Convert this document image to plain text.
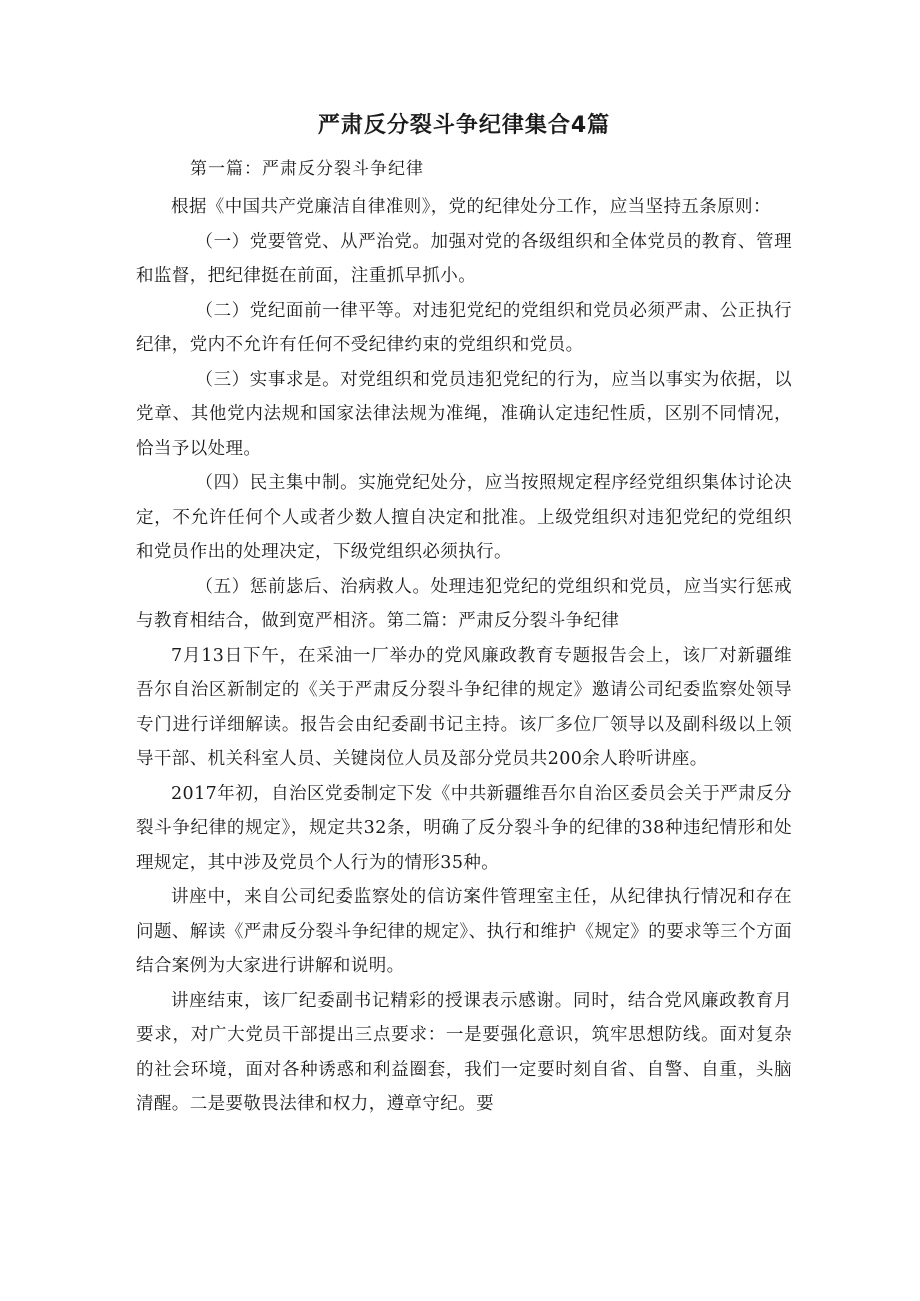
严肃反分裂斗争纪律集合4篇
第一篇：严肃反分裂斗争纪律

根据《中国共产党廉洁自律准则》，党的纪律处分工作，应当坚持五条原则：

（一）党要管党、从严治党。加强对党的各级组织和全体党员的教育、管理和监督，把纪律挺在前面，注重抓早抓小。

（二）党纪面前一律平等。对违犯党纪的党组织和党员必须严肃、公正执行纪律，党内不允许有任何不受纪律约束的党组织和党员。

（三）实事求是。对党组织和党员违犯党纪的行为，应当以事实为依据，以党章、其他党内法规和国家法律法规为准绳，准确认定违纪性质，区别不同情况，恰当予以处理。

（四）民主集中制。实施党纪处分，应当按照规定程序经党组织集体讨论决定，不允许任何个人或者少数人擅自决定和批准。上级党组织对违犯党纪的党组织和党员作出的处理决定，下级党组织必须执行。

（五）惩前毖后、治病救人。处理违犯党纪的党组织和党员，应当实行惩戒与教育相结合，做到宽严相济。第二篇：严肃反分裂斗争纪律

7月13日下午，在采油一厂举办的党风廉政教育专题报告会上，该厂对新疆维吾尔自治区新制定的《关于严肃反分裂斗争纪律的规定》邀请公司纪委监察处领导专门进行详细解读。报告会由纪委副书记主持。该厂多位厂领导以及副科级以上领导干部、机关科室人员、关键岗位人员及部分党员共200余人聆听讲座。

2017年初，自治区党委制定下发《中共新疆维吾尔自治区委员会关于严肃反分裂斗争纪律的规定》，规定共32条，明确了反分裂斗争的纪律的38种违纪情形和处理规定，其中涉及党员个人行为的情形35种。

讲座中，来自公司纪委监察处的信访案件管理室主任，从纪律执行情况和存在问题、解读《严肃反分裂斗争纪律的规定》、执行和维护《规定》的要求等三个方面结合案例为大家进行讲解和说明。

讲座结束，该厂纪委副书记精彩的授课表示感谢。同时，结合党风廉政教育月要求，对广大党员干部提出三点要求：一是要强化意识，筑牢思想防线。面对复杂的社会环境，面对各种诱惑和利益圈套，我们一定要时刻自省、自警、自重，头脑清醒。二是要敬畏法律和权力，遵章守纪。要
